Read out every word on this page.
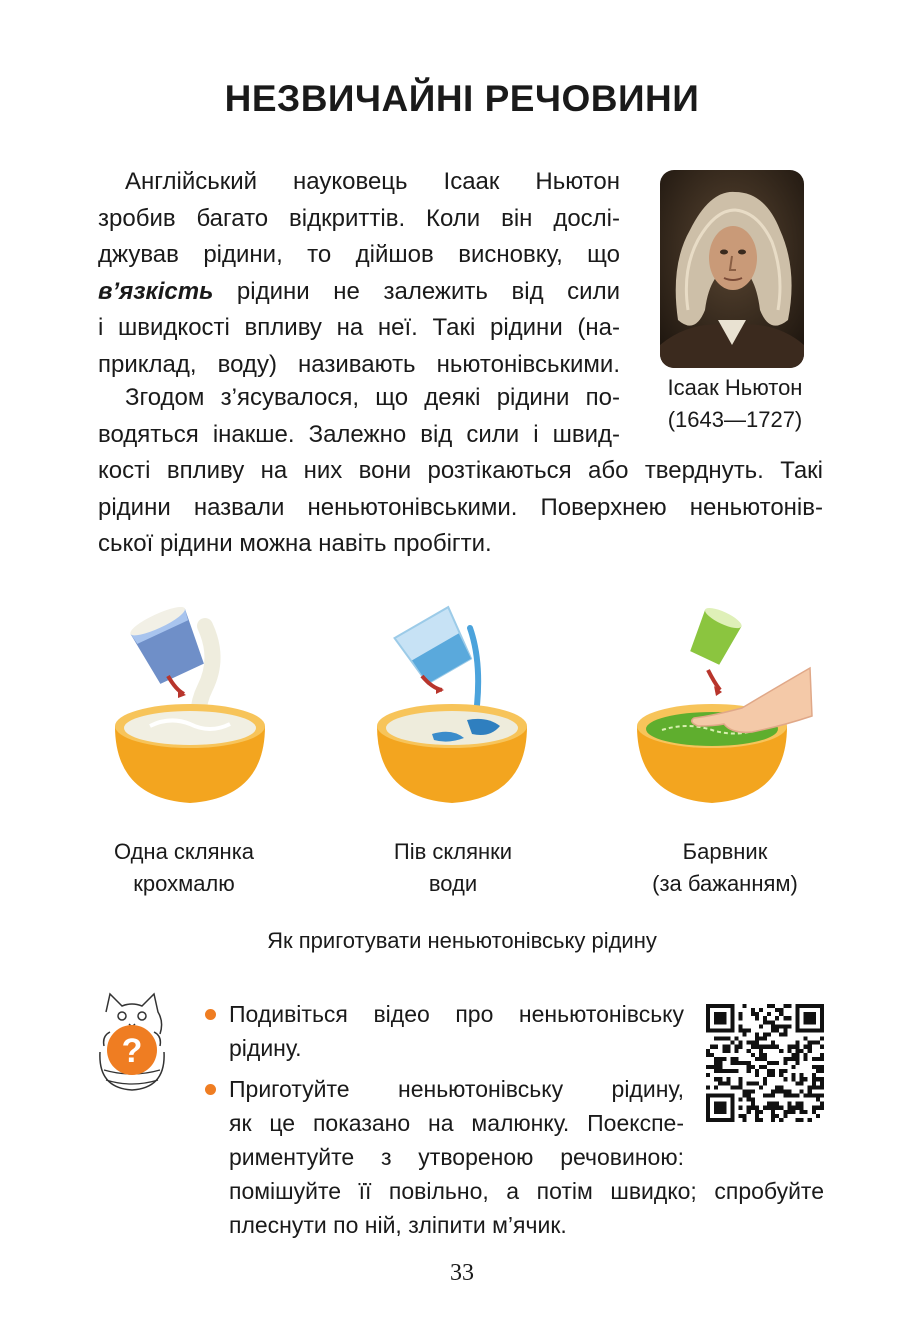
НЕЗВИЧАЙНІ РЕЧОВИНИ
Англійський науковець Ісаак Ньютон
зробив багато відкриттів. Коли він дослі-
джував рідини, то дійшов висновку, що
в’язкість рідини не залежить від сили
і швидкості впливу на неї. Такі рідини (на-
приклад, воду) називають ньютонівськими.
Згодом з’ясувалося, що деякі рідини по-
водяться інакше. Залежно від сили і швид-
кості впливу на них вони розтікаються або тверднуть. Такі
рідини назвали неньютонівськими. Поверхнею неньютонів-
ської рідини можна навіть пробігти.
Ісаак Ньютон
(1643—1727)
Одна склянка
крохмалю
Пів склянки
води
Барвник
(за бажанням)
Як приготувати неньютонівську рідину
?
Подивіться відео про неньютонівську
рідину.
Приготуйте неньютонівську рідину,
як це показано на малюнку. Поекспе-
риментуйте з утвореною речовиною:
помішуйте її повільно, а потім швидко; спробуйте
плеснути по ній, зліпити м’ячик.
33
